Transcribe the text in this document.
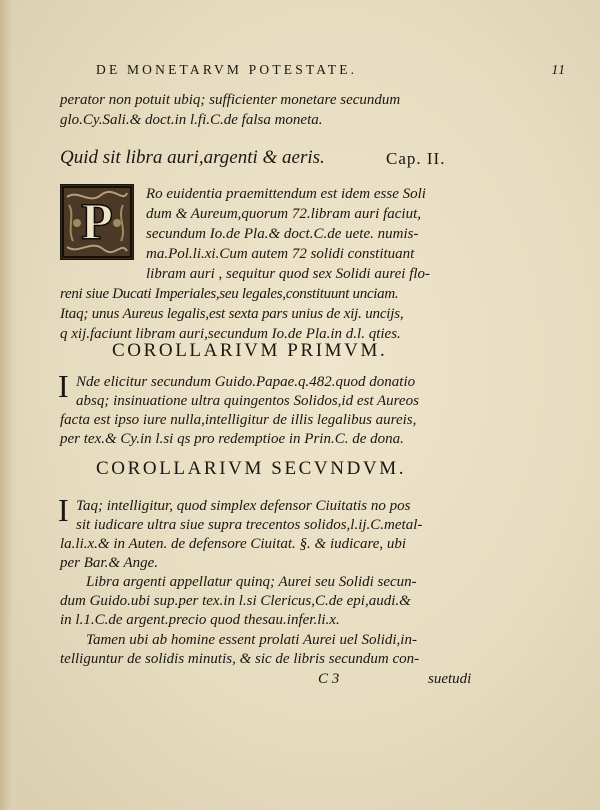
DE MONETARVM POTESTATE.	11
perator non potuit ubiq; sufficienter monetare secundum
glo.Cy.Sali.& doct.in l.fi.C.de falsa moneta.
Quid sit libra auri,argenti & aeris.	Cap. II.
P Ro euidentia praemittendum est idem esse Soli
dum & Aureum,quorum 72.libram auri faciut,
secundum Io.de Pla.& doct.C.de uete. numis-
ma.Pol.li.xi.Cum autem 72 solidi constituant
libram auri , sequitur quod sex Solidi aurei flo-
reni siue Ducati Imperiales,seu legales,constituunt unciam.
Itaq; unus Aureus legalis,est sexta pars unius de xij. uncijs,
q xij.faciunt libram auri,secundum Io.de Pla.in d.l. qties.
COROLLARIVM PRIMVM.
I Nde elicitur secundum Guido.Papae.q.482.quod donatio
absq; insinuatione ultra quingentos Solidos,id est Aureos
facta est ipso iure nulla,intelligitur de illis legalibus aureis,
per tex.& Cy.in l.si qs pro redemptioe in Prin.C. de dona.
COROLLARIVM SECVNDVM.
I Taq; intelligitur, quod simplex defensor Ciuitatis no pos
sit iudicare ultra siue supra trecentos solidos,l.ij.C.metal-
la.li.x.& in Auten. de defensore Ciuitat. §. & iudicare, ubi
per Bar.& Ange.
Libra argenti appellatur quinq; Aurei seu Solidi secun-
dum Guido.ubi sup.per tex.in l.si Clericus,C.de epi,audi.&
in l.1.C.de argent.precio quod thesau.infer.li.x.
Tamen ubi ab homine essent prolati Aurei uel Solidi,in-
telliguntur de solidis minutis, & sic de libris secundum con-
C 3	suetudi
